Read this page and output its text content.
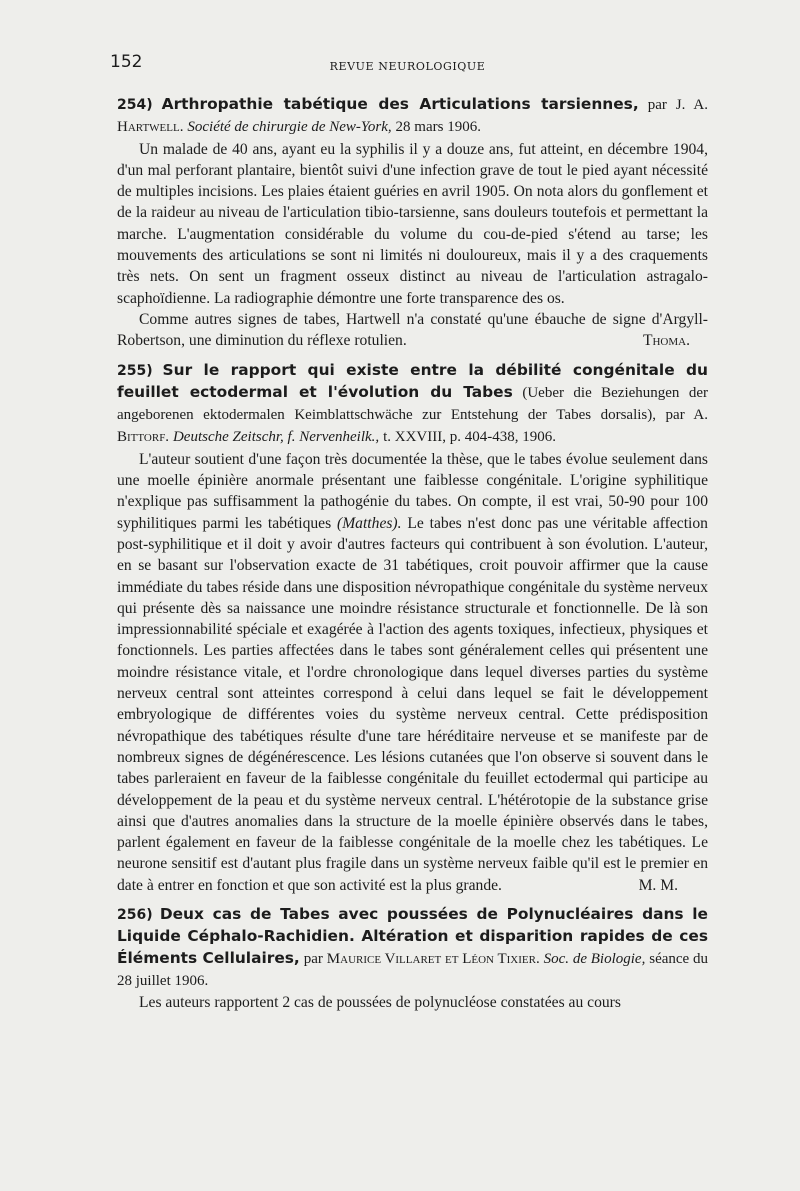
152	REVUE NEUROLOGIQUE

254) Arthropathie tabétique des Articulations tarsiennes, par J. A. Hartwell. Société de chirurgie de New-York, 28 mars 1906.

Un malade de 40 ans, ayant eu la syphilis il y a douze ans, fut atteint, en décembre 1904, d'un mal perforant plantaire, bientôt suivi d'une infection grave de tout le pied ayant nécessité de multiples incisions. Les plaies étaient guéries en avril 1905. On nota alors du gonflement et de la raideur au niveau de l'articulation tibio-tarsienne, sans douleurs toutefois et permettant la marche. L'augmentation considérable du volume du cou-de-pied s'étend au tarse; les mouvements des articulations se sont ni limités ni douloureux, mais il y a des craquements très nets. On sent un fragment osseux distinct au niveau de l'articulation astragalo-scaphoïdienne. La radiographie démontre une forte transparence des os.

Comme autres signes de tabes, Hartwell n'a constaté qu'une ébauche de signe d'Argyll-Robertson, une diminution du réflexe rotulien.	Thoma.

255) Sur le rapport qui existe entre la débilité congénitale du feuillet ectodermal et l'évolution du Tabes (Ueber die Beziehungen der angeborenen ektodermalen Keimblattschwäche zur Entstehung der Tabes dorsalis), par A. Bittorf. Deutsche Zeitschr, f. Nervenheilk., t. XXVIII, p. 404-438, 1906.

L'auteur soutient d'une façon très documentée la thèse, que le tabes évolue seulement dans une moelle épinière anormale présentant une faiblesse congénitale. L'origine syphilitique n'explique pas suffisamment la pathogénie du tabes. On compte, il est vrai, 50-90 pour 100 syphilitiques parmi les tabétiques (Matthes). Le tabes n'est donc pas une véritable affection post-syphilitique et il doit y avoir d'autres facteurs qui contribuent à son évolution. L'auteur, en se basant sur l'observation exacte de 31 tabétiques, croit pouvoir affirmer que la cause immédiate du tabes réside dans une disposition névropathique congénitale du système nerveux qui présente dès sa naissance une moindre résistance structurale et fonctionnelle. De là son impressionnabilité spéciale et exagérée à l'action des agents toxiques, infectieux, physiques et fonctionnels. Les parties affectées dans le tabes sont généralement celles qui présentent une moindre résistance vitale, et l'ordre chronologique dans lequel diverses parties du système nerveux central sont atteintes correspond à celui dans lequel se fait le développement embryologique de différentes voies du système nerveux central. Cette prédisposition névropathique des tabétiques résulte d'une tare héréditaire nerveuse et se manifeste par de nombreux signes de dégénérescence. Les lésions cutanées que l'on observe si souvent dans le tabes parleraient en faveur de la faiblesse congénitale du feuillet ectodermal qui participe au développement de la peau et du système nerveux central. L'hétérotopie de la substance grise ainsi que d'autres anomalies dans la structure de la moelle épinière observés dans le tabes, parlent également en faveur de la faiblesse congénitale de la moelle chez les tabétiques. Le neurone sensitif est d'autant plus fragile dans un système nerveux faible qu'il est le premier en date à entrer en fonction et que son activité est la plus grande.	M. M.

256) Deux cas de Tabes avec poussées de Polynucléaires dans le Liquide Céphalo-Rachidien. Altération et disparition rapides de ces Éléments Cellulaires, par Maurice Villaret et Léon Tixier. Soc. de Biologie, séance du 28 juillet 1906.

Les auteurs rapportent 2 cas de poussées de polynucléose constatées au cours
